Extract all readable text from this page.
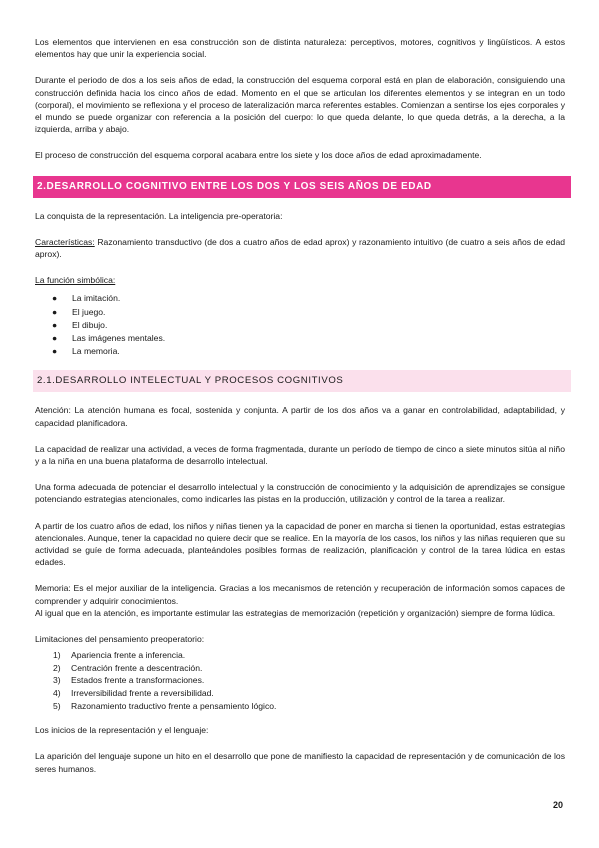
Los elementos que intervienen en esa construcción son de distinta naturaleza: perceptivos, motores, cognitivos y lingüísticos. A estos elementos hay que unir la experiencia social.

Durante el periodo de dos a los seis años de edad, la construcción del esquema corporal está en plan de elaboración, consiguiendo una construcción definida hacia los cinco años de edad. Momento en el que se articulan los diferentes elementos y se integran en un todo (corporal), el movimiento se reflexiona y el proceso de lateralización marca referentes estables. Comienzan a sentirse los ejes corporales y el mundo se puede organizar con referencia a la posición del cuerpo: lo que queda delante, lo que queda detrás, a la derecha, a la izquierda, arriba y abajo.

El proceso de construcción del esquema corporal acabara entre los siete y los doce años de edad aproximadamente.

2.DESARROLLO COGNITIVO ENTRE LOS DOS Y LOS SEIS AÑOS DE EDAD

La conquista de la representación. La inteligencia pre-operatoria:

Características: Razonamiento transductivo (de dos a cuatro años de edad aprox) y razonamiento intuitivo (de cuatro a seis años de edad aprox).

La función simbólica:

● La imitación.
● El juego.
● El dibujo.
● Las imágenes mentales.
● La memoria.
2.1.DESARROLLO INTELECTUAL Y PROCESOS COGNITIVOS

Atención: La atención humana es focal, sostenida y conjunta. A partir de los dos años va a ganar en controlabilidad, adaptabilidad, y capacidad planificadora.

La capacidad de realizar una actividad, a veces de forma fragmentada, durante un período de tiempo de cinco a siete minutos sitúa al niño y a la niña en una buena plataforma de desarrollo intelectual.

Una forma adecuada de potenciar el desarrollo intelectual y la construcción de conocimiento y la adquisición de aprendizajes se consigue potenciando estrategias atencionales, como indicarles las pistas en la producción, utilización y control de la tarea a realizar.

A partir de los cuatro años de edad, los niños y niñas tienen ya la capacidad de poner en marcha si tienen la oportunidad, estas estrategias atencionales. Aunque, tener la capacidad no quiere decir que se realice. En la mayoría de los casos, los niños y las niñas requieren que su actividad se guíe de forma adecuada, planteándoles posibles formas de realización, planificación y control de la tarea lúdica en estas edades.

Memoria: Es el mejor auxiliar de la inteligencia. Gracias a los mecanismos de retención y recuperación de información somos capaces de comprender y adquirir conocimientos.

Al igual que en la atención, es importante estimular las estrategias de memorización (repetición y organización) siempre de forma lúdica.

Limitaciones del pensamiento preoperatorio:

1) Apariencia frente a inferencia.
2) Centración frente a descentración.
3) Estados frente a transformaciones.
4) Irreversibilidad frente a reversibilidad.
5) Razonamiento traductivo frente a pensamiento lógico.

Los inicios de la representación y el lenguaje:

La aparición del lenguaje supone un hito en el desarrollo que pone de manifiesto la capacidad de representación y de comunicación de los seres humanos.

20
